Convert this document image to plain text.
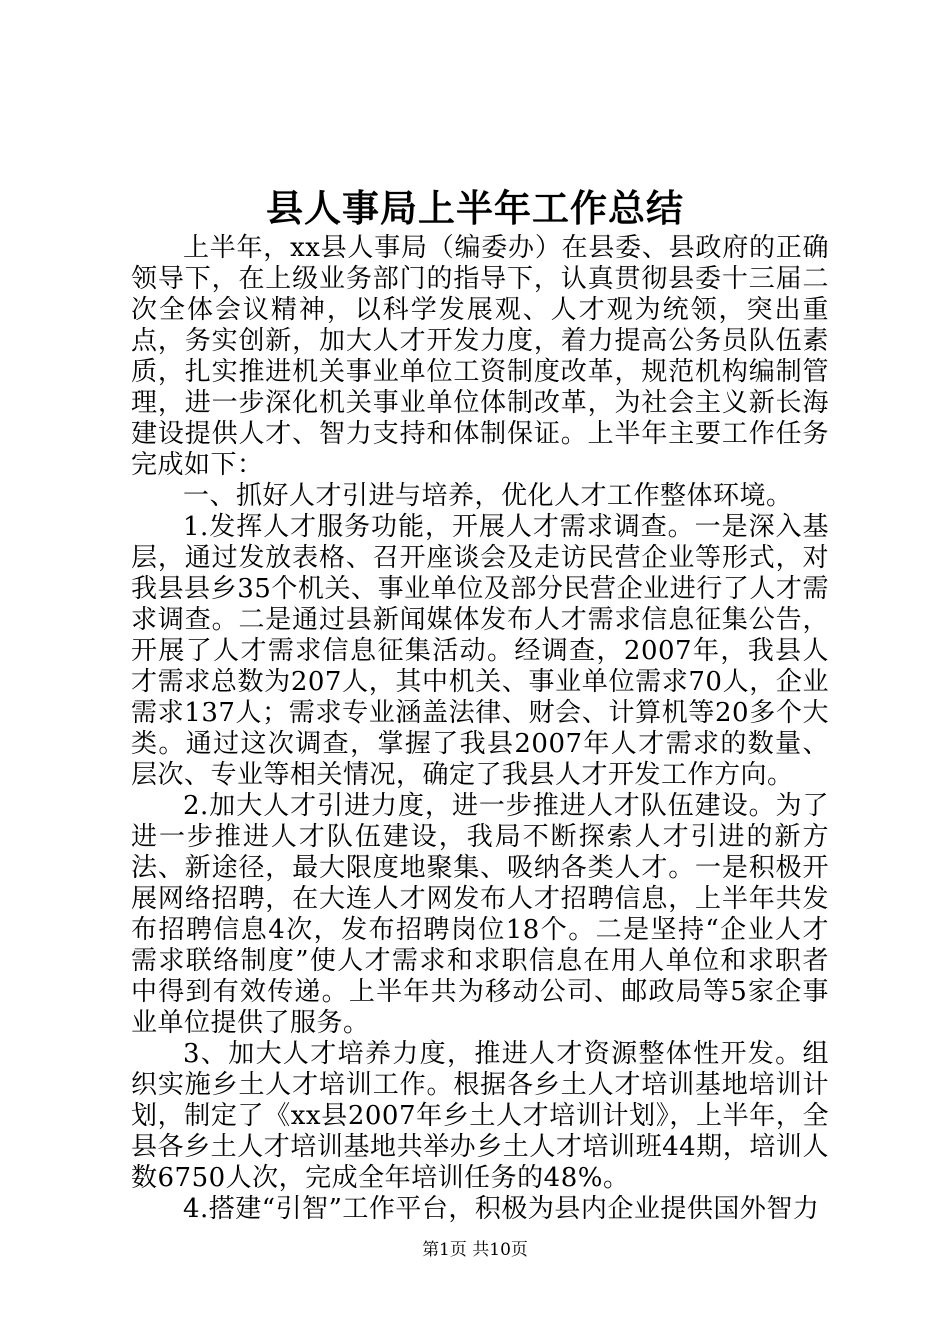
县人事局上半年工作总结

上半年，xx县人事局（编委办）在县委、县政府的正确领导下，在上级业务部门的指导下，认真贯彻县委十三届二次全体会议精神，以科学发展观、人才观为统领，突出重点，务实创新，加大人才开发力度，着力提高公务员队伍素质，扎实推进机关事业单位工资制度改革，规范机构编制管理，进一步深化机关事业单位体制改革，为社会主义新长海建设提供人才、智力支持和体制保证。上半年主要工作任务完成如下：

一、抓好人才引进与培养，优化人才工作整体环境。

1.发挥人才服务功能，开展人才需求调查。一是深入基层，通过发放表格、召开座谈会及走访民营企业等形式，对我县县乡35个机关、事业单位及部分民营企业进行了人才需求调查。二是通过县新闻媒体发布人才需求信息征集公告，开展了人才需求信息征集活动。经调查，2007年，我县人才需求总数为207人，其中机关、事业单位需求70人，企业需求137人；需求专业涵盖法律、财会、计算机等20多个大类。通过这次调查，掌握了我县2007年人才需求的数量、层次、专业等相关情况，确定了我县人才开发工作方向。

2.加大人才引进力度，进一步推进人才队伍建设。为了进一步推进人才队伍建设，我局不断探索人才引进的新方法、新途径，最大限度地聚集、吸纳各类人才。一是积极开展网络招聘，在大连人才网发布人才招聘信息，上半年共发布招聘信息4次，发布招聘岗位18个。二是坚持“企业人才需求联络制度”使人才需求和求职信息在用人单位和求职者中得到有效传递。上半年共为移动公司、邮政局等5家企事业单位提供了服务。

3、加大人才培养力度，推进人才资源整体性开发。组织实施乡土人才培训工作。根据各乡土人才培训基地培训计划，制定了《xx县2007年乡土人才培训计划》，上半年，全县各乡土人才培训基地共举办乡土人才培训班44期，培训人数6750人次，完成全年培训任务的48%。

4.搭建“引智”工作平台，积极为县内企业提供国外智力

第1页 共10页
